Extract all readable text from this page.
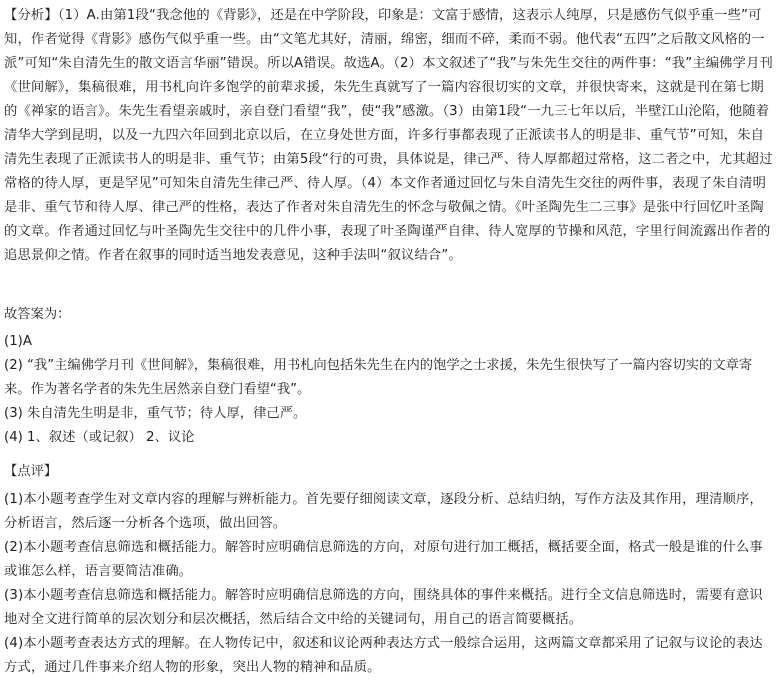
【分析】（1）A.由第1段“我念他的《背影》，还是在中学阶段，印象是：文富于感情，这表示人纯厚，只是感伤气似乎重一些”可知，作者觉得《背影》感伤气似乎重一些。由“文笔尤其好，清丽，绵密，细而不碎，柔而不弱。他代表“五四”之后散文风格的一派”可知“朱自清先生的散文语言华丽”错误。所以A错误。故选A。（2）本文叙述了“我”与朱先生交往的两件事：“我”主编佛学月刊《世间解》，集稿很难，用书札向许多饱学的前辈求援，朱先生真就写了一篇内容很切实的文章，并很快寄来，这就是刊在第七期的《禅家的语言》。朱先生看望亲戚时，亲自登门看望“我”，使“我”感激。（3）由第1段“一九三七年以后，半壁江山沦陷，他随着清华大学到昆明，以及一九四六年回到北京以后，在立身处世方面，许多行事都表现了正派读书人的明是非、重气节”可知，朱自清先生表现了正派读书人的明是非、重气节；由第5段“行的可贵，具体说是，律己严、待人厚都超过常格，这二者之中，尤其超过常格的待人厚，更是罕见”可知朱自清先生律己严、待人厚。（4）本文作者通过回忆与朱自清先生交往的两件事，表现了朱自清明是非、重气节和待人厚、律己严的性格，表达了作者对朱自清先生的怀念与敬佩之情。《叶圣陶先生二三事》是张中行回忆叶圣陶的文章。作者通过回忆与叶圣陶先生交往中的几件小事，表现了叶圣陶谨严自律、待人宽厚的节操和风范，字里行间流露出作者的追思景仰之情。作者在叙事的同时适当地发表意见，这种手法叫“叙议结合”。
故答案为：
(1)A
(2) “我”主编佛学月刊《世间解》，集稿很难，用书札向包括朱先生在内的饱学之士求援，朱先生很快写了一篇内容切实的文章寄来。作为著名学者的朱先生居然亲自登门看望“我”。
(3) 朱自清先生明是非，重气节；待人厚，律己严。
(4) 1、叙述（或记叙） 2、议论
【点评】
(1)本小题考查学生对文章内容的理解与辨析能力。首先要仔细阅读文章，逐段分析、总结归纳，写作方法及其作用，理清顺序，分析语言，然后逐一分析各个选项，做出回答。
(2)本小题考查信息筛选和概括能力。解答时应明确信息筛选的方向，对原句进行加工概括，概括要全面，格式一般是谁的什么事或谁怎么样，语言要简洁准确。
(3)本小题考查信息筛选和概括能力。解答时应明确信息筛选的方向，围绕具体的事件来概括。进行全文信息筛选时，需要有意识地对全文进行简单的层次划分和层次概括，然后结合文中给的关键词句，用自己的语言简要概括。
(4)本小题考查表达方式的理解。在人物传记中，叙述和议论两种表达方式一般综合运用，这两篇文章都采用了记叙与议论的表达方式，通过几件事来介绍人物的形象，突出人物的精神和品质。
